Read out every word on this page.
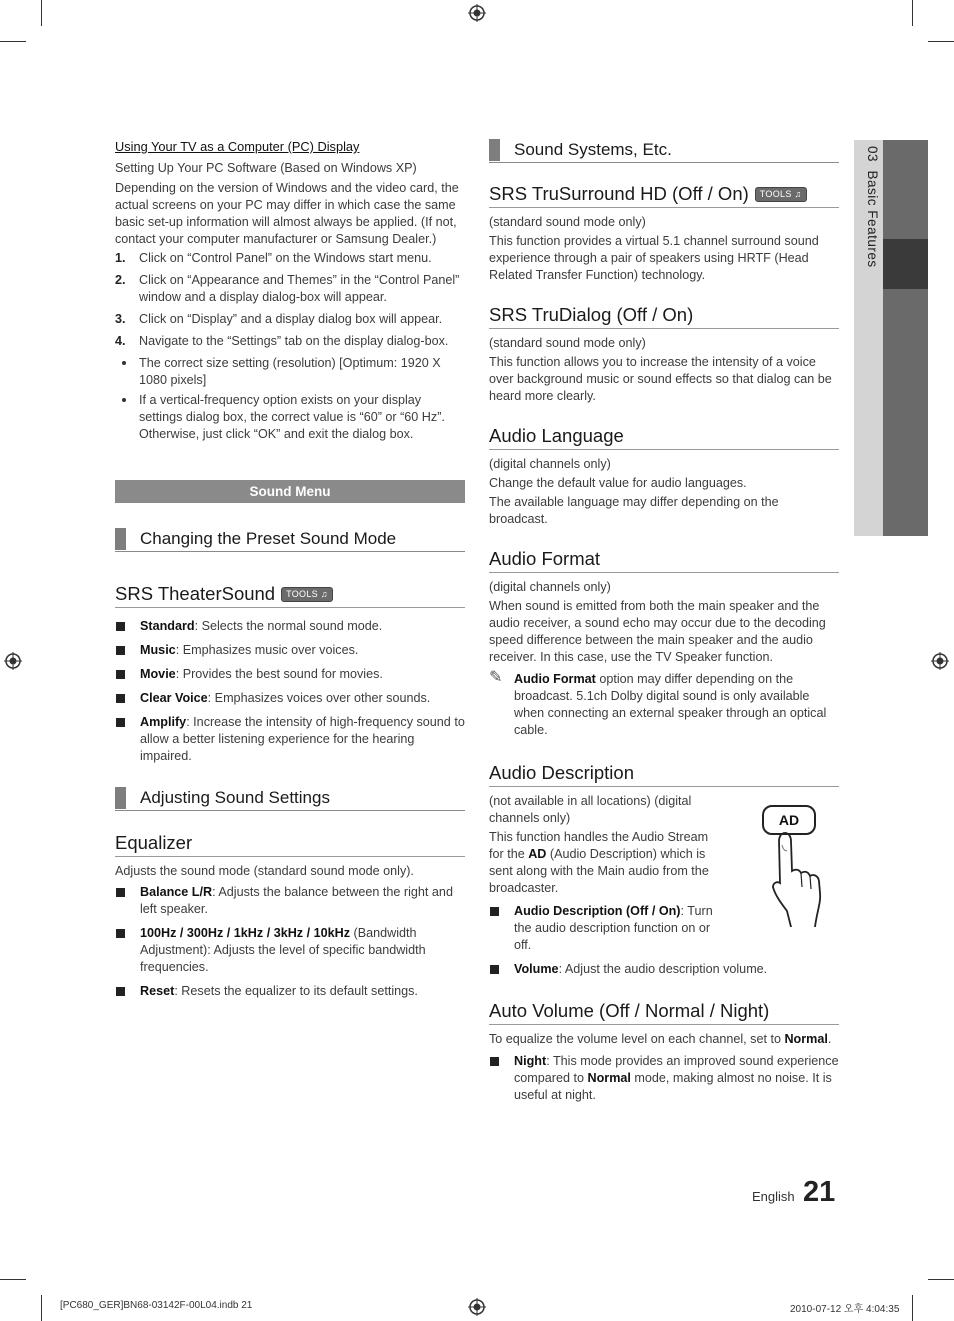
03  Basic Features

Using Your TV as a Computer (PC) Display

Setting Up Your PC Software (Based on Windows XP)

Depending on the version of Windows and the video card, the actual screens on your PC may differ in which case the same basic set-up information will almost always be applied. (If not, contact your computer manufacturer or Samsung Dealer.)

1. Click on “Control Panel” on the Windows start menu.
2. Click on “Appearance and Themes” in the “Control Panel” window and a display dialog-box will appear.
3. Click on “Display” and a display dialog box will appear.
4. Navigate to the “Settings” tab on the display dialog-box.
The correct size setting (resolution) [Optimum: 1920 X 1080 pixels]
If a vertical-frequency option exists on your display settings dialog box, the correct value is “60” or “60 Hz”. Otherwise, just click “OK” and exit the dialog box.
Sound Menu
Changing the Preset Sound Mode
SRS TheaterSound TOOLS ♫
Standard: Selects the normal sound mode.
Music: Emphasizes music over voices.
Movie: Provides the best sound for movies.
Clear Voice: Emphasizes voices over other sounds.
Amplify: Increase the intensity of high-frequency sound to allow a better listening experience for the hearing impaired.
Adjusting Sound Settings
Equalizer

Adjusts the sound mode (standard sound mode only).

Balance L/R: Adjusts the balance between the right and left speaker.
100Hz / 300Hz / 1kHz / 3kHz / 10kHz (Bandwidth Adjustment): Adjusts the level of specific bandwidth frequencies.
Reset: Resets the equalizer to its default settings.
Sound Systems, Etc.
SRS TruSurround HD (Off / On) TOOLS ♫

(standard sound mode only)

This function provides a virtual 5.1 channel surround sound experience through a pair of speakers using HRTF (Head Related Transfer Function) technology.

SRS TruDialog (Off / On)

(standard sound mode only)

This function allows you to increase the intensity of a voice over background music or sound effects so that dialog can be heard more clearly.

Audio Language

(digital channels only)

Change the default value for audio languages.

The available language may differ depending on the broadcast.

Audio Format

(digital channels only)

When sound is emitted from both the main speaker and the audio receiver, a sound echo may occur due to the decoding speed difference between the main speaker and the audio receiver. In this case, use the TV Speaker function.

✎ Audio Format option may differ depending on the broadcast. 5.1ch Dolby digital sound is only available when connecting an external speaker through an optical cable.
Audio Description

(not available in all locations) (digital channels only)

This function handles the Audio Stream for the AD (Audio Description) which is sent along with the Main audio from the broadcaster.

Audio Description (Off / On): Turn the audio description function on or off.
AD
Volume: Adjust the audio description volume.
Auto Volume (Off / Normal / Night)

To equalize the volume level on each channel, set to Normal.

Night: This mode provides an improved sound experience compared to Normal mode, making almost no noise. It is useful at night.
English 21
[PC680_GER]BN68-03142F-00L04.indb 21	2010-07-12 오후 4:04:35
